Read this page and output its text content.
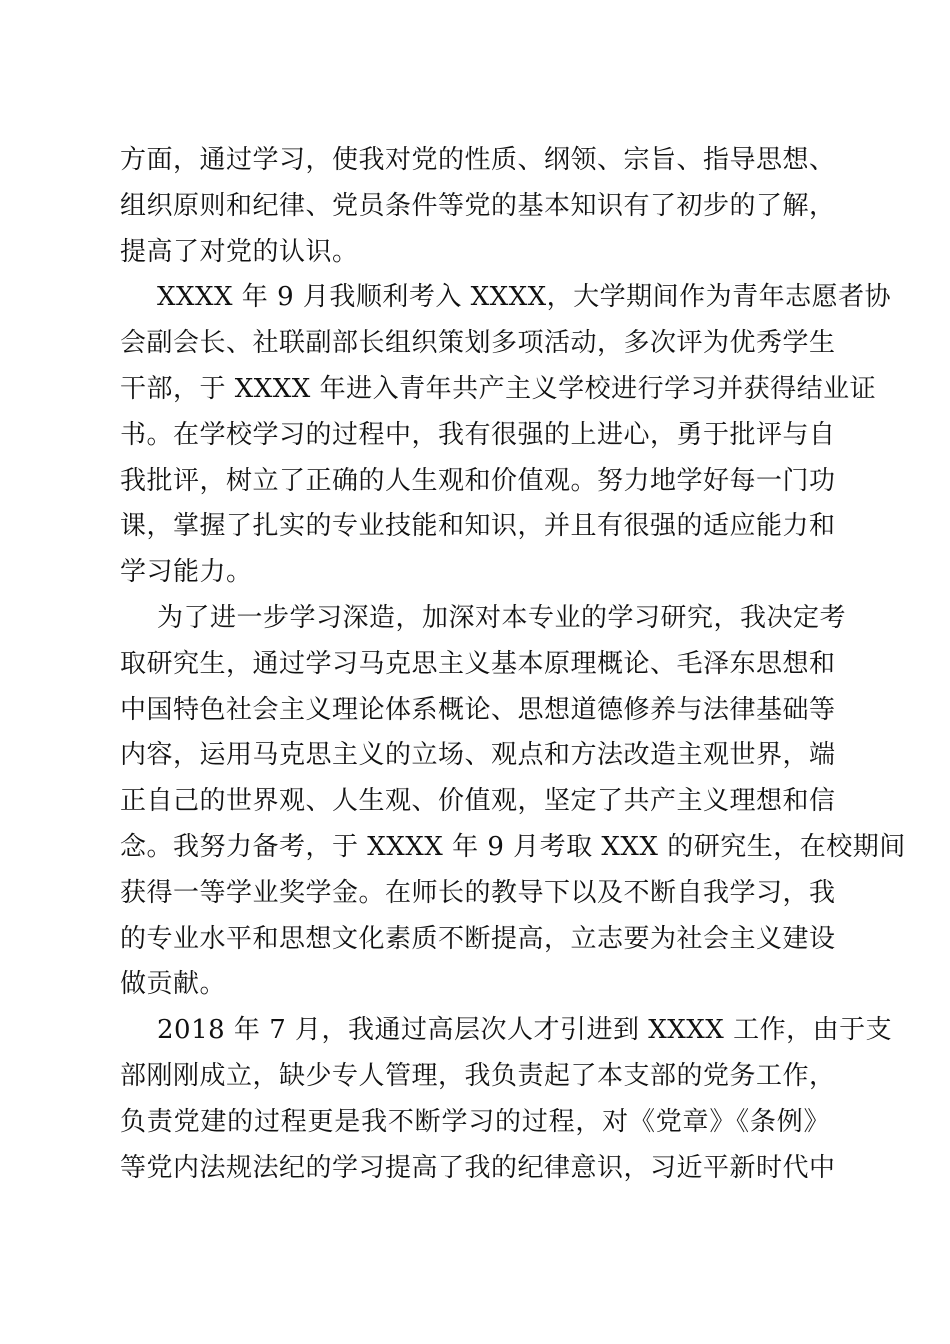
方面，通过学习，使我对党的性质、纲领、宗旨、指导思想、
组织原则和纪律、党员条件等党的基本知识有了初步的了解，
提高了对党的认识。
XXXX 年 9 月我顺利考入 XXXX，大学期间作为青年志愿者协
会副会长、社联副部长组织策划多项活动，多次评为优秀学生
干部，于 XXXX 年进入青年共产主义学校进行学习并获得结业证
书。在学校学习的过程中，我有很强的上进心，勇于批评与自
我批评，树立了正确的人生观和价值观。努力地学好每一门功
课，掌握了扎实的专业技能和知识，并且有很强的适应能力和
学习能力。
为了进一步学习深造，加深对本专业的学习研究，我决定考
取研究生，通过学习马克思主义基本原理概论、毛泽东思想和
中国特色社会主义理论体系概论、思想道德修养与法律基础等
内容，运用马克思主义的立场、观点和方法改造主观世界，端
正自己的世界观、人生观、价值观，坚定了共产主义理想和信
念。我努力备考，于 XXXX 年 9 月考取 XXX 的研究生，在校期间
获得一等学业奖学金。在师长的教导下以及不断自我学习，我
的专业水平和思想文化素质不断提高，立志要为社会主义建设
做贡献。
2018 年 7 月，我通过高层次人才引进到 XXXX 工作，由于支
部刚刚成立，缺少专人管理，我负责起了本支部的党务工作，
负责党建的过程更是我不断学习的过程，对《党章》《条例》
等党内法规法纪的学习提高了我的纪律意识，习近平新时代中
